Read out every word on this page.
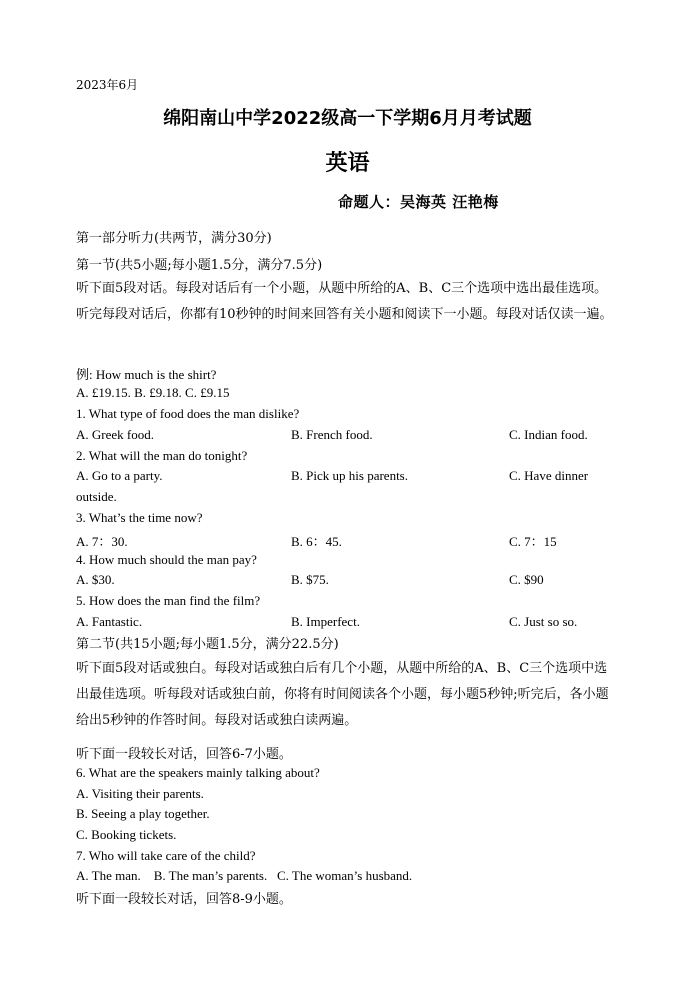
2023年6月
绵阳南山中学2022级高一下学期6月月考试题
英语
命题人：吴海英 汪艳梅
第一部分听力(共两节，满分30分)
第一节(共5小题;每小题1.5分，满分7.5分)
听下面5段对话。每段对话后有一个小题，从题中所给的A、B、C三个选项中选出最佳选项。听完每段对话后，你都有10秒钟的时间来回答有关小题和阅读下一小题。每段对话仅读一遍。
例: How much is the shirt?
A. £19.15. B. £9.18. C. £9.15
1. What type of food does the man dislike?
A. Greek food.	B. French food.	C. Indian food.
2. What will the man do tonight?
A. Go to a party.	B. Pick up his parents.	C. Have dinner
outside.
3. What’s the time now?
A. 7：30.	B. 6：45.	C. 7：15
4. How much should the man pay?
A. $30.	B. $75.	C. $90
5. How does the man find the film?
A. Fantastic.	B. Imperfect.	C. Just so so.
第二节(共15小题;每小题1.5分，满分22.5分)
听下面5段对话或独白。每段对话或独白后有几个小题，从题中所给的A、B、C三个选项中选出最佳选项。听每段对话或独白前，你将有时间阅读各个小题，每小题5秒钟;听完后，各小题给出5秒钟的作答时间。每段对话或独白读两遍。
听下面一段较长对话，回答6-7小题。
6. What are the speakers mainly talking about?
A. Visiting their parents.
B. Seeing a play together.
C. Booking tickets.
7. Who will take care of the child?
A. The man.    B. The man’s parents.   C. The woman’s husband.
听下面一段较长对话，回答8-9小题。
